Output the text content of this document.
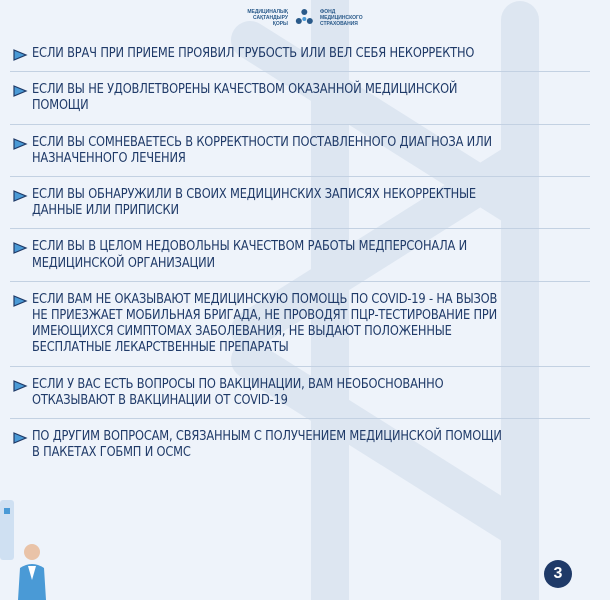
МЕДИЦИНАЛЫҚ
САҚТАНДЫРУ
ҚОРЫ
ФОНД
МЕДИЦИНСКОГО
СТРАХОВАНИЯ
ЕСЛИ ВРАЧ ПРИ ПРИЕМЕ ПРОЯВИЛ ГРУБОСТЬ ИЛИ ВЕЛ СЕБЯ НЕКОРРЕКТНО
ЕСЛИ ВЫ НЕ УДОВЛЕТВОРЕНЫ КАЧЕСТВОМ ОКАЗАННОЙ МЕДИЦИНСКОЙ ПОМОЩИ
ЕСЛИ ВЫ СОМНЕВАЕТЕСЬ В КОРРЕКТНОСТИ ПОСТАВЛЕННОГО ДИАГНОЗА ИЛИ НАЗНАЧЕННОГО ЛЕЧЕНИЯ
ЕСЛИ ВЫ ОБНАРУЖИЛИ В СВОИХ МЕДИЦИНСКИХ ЗАПИСЯХ НЕКОРРЕКТНЫЕ ДАННЫЕ ИЛИ ПРИПИСКИ
ЕСЛИ ВЫ В ЦЕЛОМ НЕДОВОЛЬНЫ КАЧЕСТВОМ РАБОТЫ МЕДПЕРСОНАЛА И МЕДИЦИНСКОЙ ОРГАНИЗАЦИИ
ЕСЛИ ВАМ НЕ ОКАЗЫВАЮТ МЕДИЦИНСКУЮ ПОМОЩЬ ПО COVID-19 - НА ВЫЗОВ НЕ ПРИЕЗЖАЕТ МОБИЛЬНАЯ БРИГАДА, НЕ ПРОВОДЯТ ПЦР-ТЕСТИРОВАНИЕ ПРИ ИМЕЮЩИХСЯ СИМПТОМАХ ЗАБОЛЕВАНИЯ, НЕ ВЫДАЮТ ПОЛОЖЕННЫЕ БЕСПЛАТНЫЕ ЛЕКАРСТВЕННЫЕ ПРЕПАРАТЫ
ЕСЛИ У ВАС ЕСТЬ ВОПРОСЫ ПО ВАКЦИНАЦИИ, ВАМ НЕОБОСНОВАННО ОТКАЗЫВАЮТ В ВАКЦИНАЦИИ ОТ COVID-19
ПО ДРУГИМ ВОПРОСАМ, СВЯЗАННЫМ С ПОЛУЧЕНИЕМ МЕДИЦИНСКОЙ ПОМОЩИ В ПАКЕТАХ ГОБМП И ОСМС
3
